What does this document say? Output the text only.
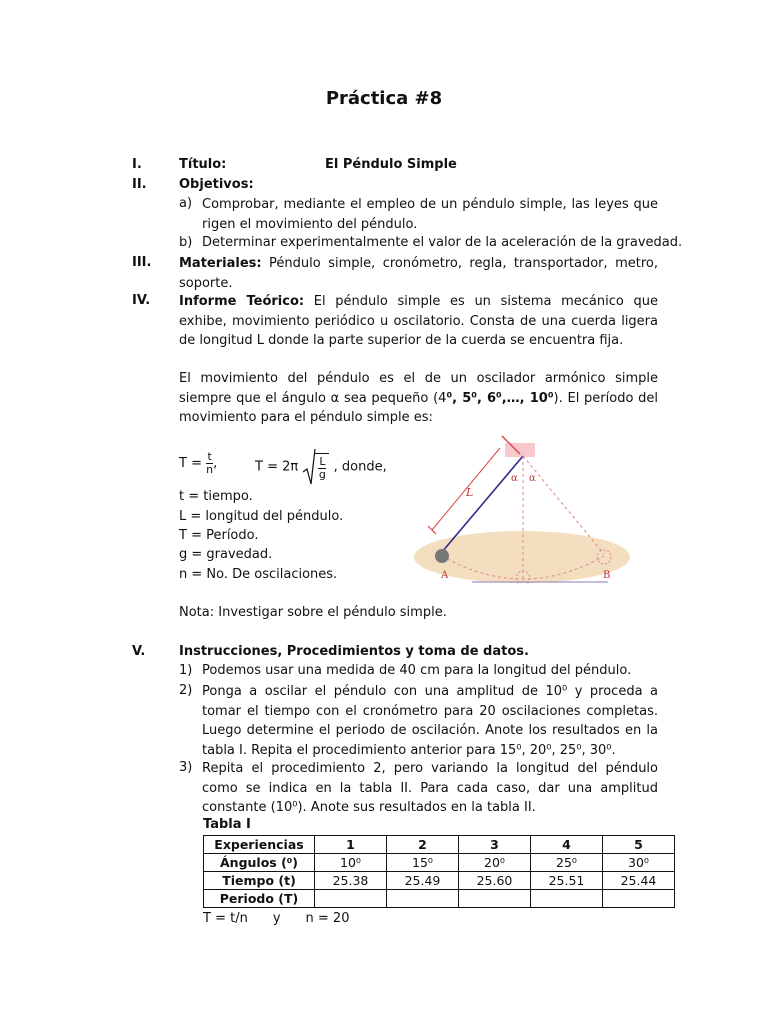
Práctica #8
I.	Título:	El Péndulo Simple
II. Objetivos:
a) Comprobar, mediante el empleo de un péndulo simple, las leyes que rigen el movimiento del péndulo.
b) Determinar experimentalmente el valor de la aceleración de la gravedad.
III. Materiales: Péndulo simple, cronómetro, regla, transportador, metro, soporte.
IV. Informe Teórico: El péndulo simple es un sistema mecánico que exhibe, movimiento periódico u oscilatorio. Consta de una cuerda ligera de longitud L donde la parte superior de la cuerda se encuentra fija.
El movimiento del péndulo es el de un oscilador armónico simple siempre que el ángulo α sea pequeño (4⁰, 5⁰, 6⁰,…, 10⁰). El período del movimiento para el péndulo simple es:
$T = \frac{t}{n}$,	$T = 2\pi \frac{L}{g}$ , donde,
t = tiempo.
L = longitud del péndulo.
T = Período.
g = gravedad.
n = No. De oscilaciones.
L
α α
A	B
Nota: Investigar sobre el péndulo simple.
V.	Instrucciones, Procedimientos y toma de datos.
1) Podemos usar una medida de 40 cm para la longitud del péndulo.
2) Ponga a oscilar el péndulo con una amplitud de 10⁰ y proceda a tomar el tiempo con el cronómetro para 20 oscilaciones completas. Luego determine el periodo de oscilación. Anote los resultados en la tabla I. Repita el procedimiento anterior para 15⁰, 20⁰, 25⁰, 30⁰.
3) Repita el procedimiento 2, pero variando la longitud del péndulo como se indica en la tabla II. Para cada caso, dar una amplitud constante (10⁰). Anote sus resultados en la tabla II.
Tabla I
Experiencias	1	2	3	4	5
Ángulos (⁰)	10⁰	15⁰	20⁰	25⁰	30⁰
Tiempo (t)	25.38	25.49	25.60	25.51	25.44
Periodo (T)					
T = t/n y n = 20
